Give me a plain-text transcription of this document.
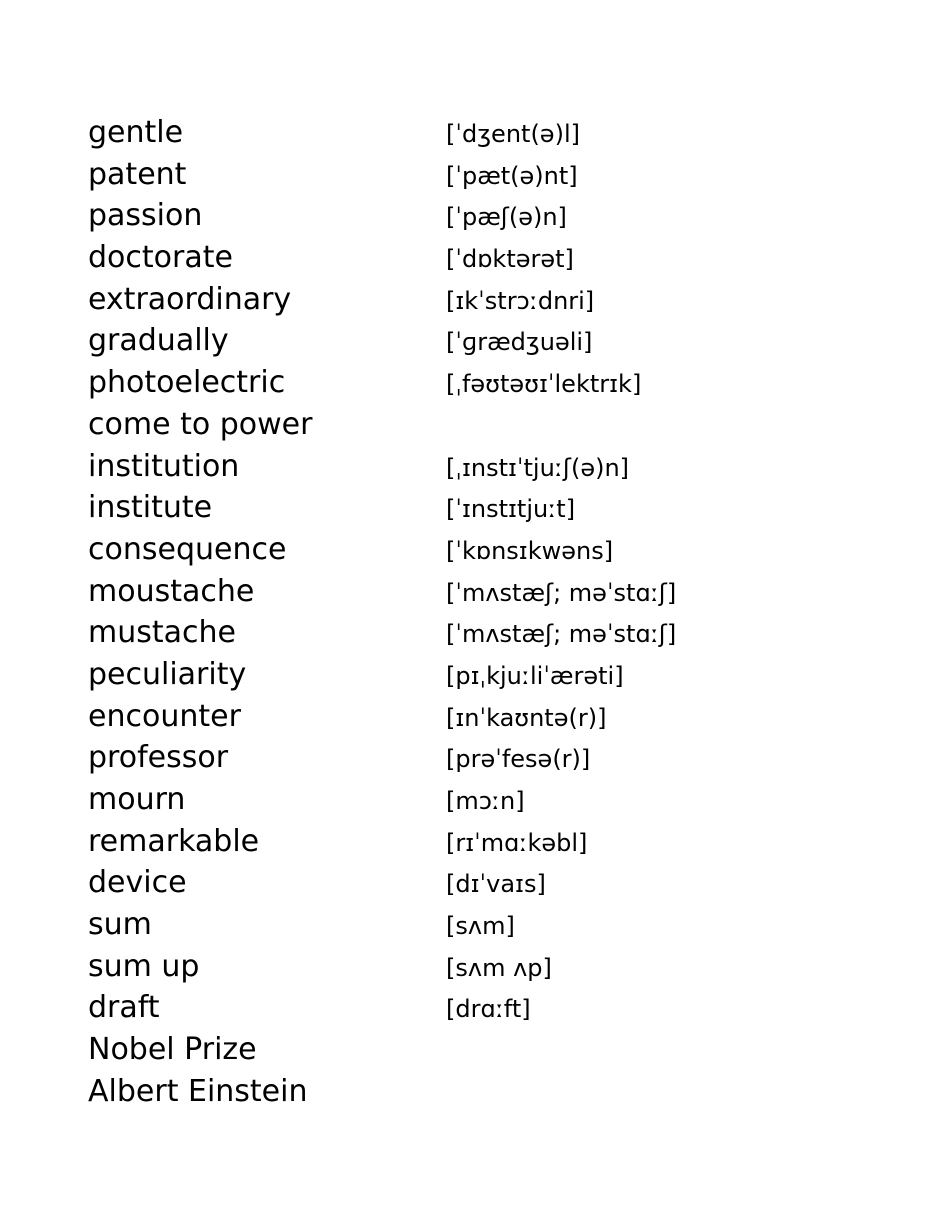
gentle	[ˈdʒent(ə)l]
patent	[ˈpæt(ə)nt]
passion	[ˈpæʃ(ə)n]
doctorate	[ˈdɒktərət]
extraordinary	[ɪkˈstrɔːdnri]
gradually	[ˈɡrædʒuəli]
photoelectric	[ˌfəʊtəʊɪˈlektrɪk]
come to power
institution	[ˌɪnstɪˈtjuːʃ(ə)n]
institute	[ˈɪnstɪtjuːt]
consequence	[ˈkɒnsɪkwəns]
moustache	[ˈmʌstæʃ; məˈstɑːʃ]
mustache	[ˈmʌstæʃ; məˈstɑːʃ]
peculiarity	[pɪˌkjuːliˈærəti]
encounter	[ɪnˈkaʊntə(r)]
professor	[prəˈfesə(r)]
mourn	[mɔːn]
remarkable	[rɪˈmɑːkəbl]
device	[dɪˈvaɪs]
sum	[sʌm]
sum up	[sʌm ʌp]
draft	[drɑːft]
Nobel Prize
Albert Einstein
